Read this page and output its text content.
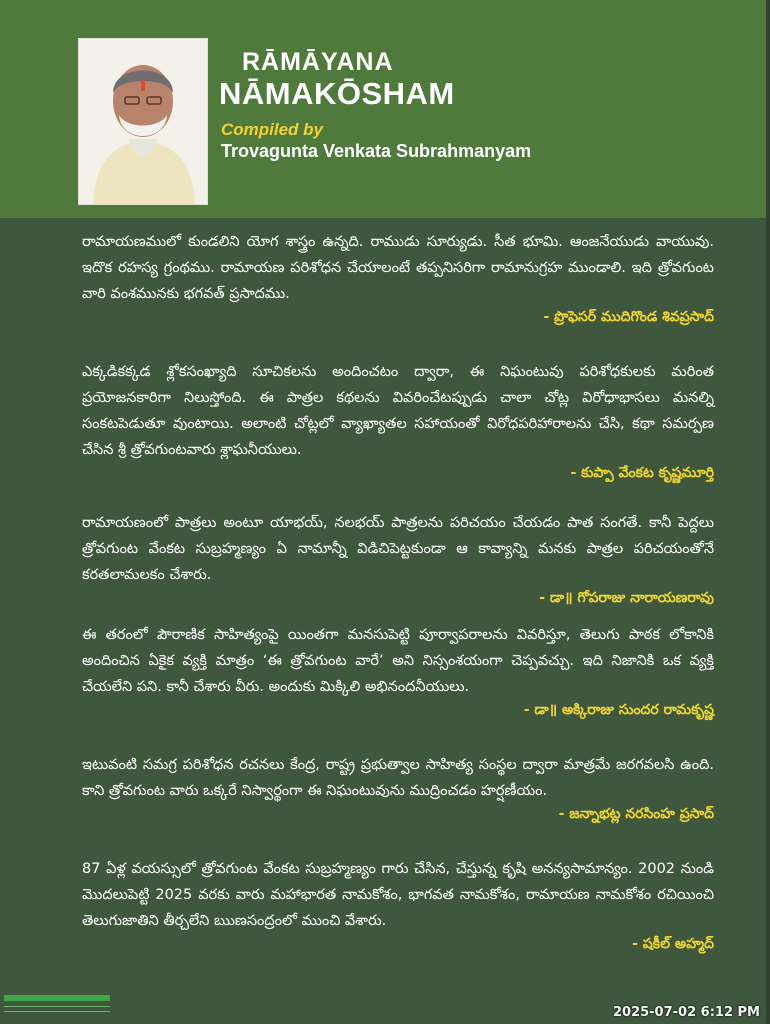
RĀMĀYANA
NĀMAKŌSHAM
Compiled by
Trovagunta Venkata Subrahmanyam

రామాయణములో కుండలిని యోగ శాస్త్రం ఉన్నది. రాముడు సూర్యుడు. సీత భూమి. ఆంజనేయుడు వాయువు. ఇదొక రహస్య గ్రంథము. రామాయణ పరిశోధన చేయాలంటే తప్పనిసరిగా రామానుగ్రహ ముండాలి. ఇది త్రోవగుంట వారి వంశమునకు భగవత్ ప్రసాదము.

- ప్రొఫెసర్ ముదిగొండ శివప్రసాద్

ఎక్కడికక్కడ శ్లోకసంఖ్యాది సూచికలను అందించటం ద్వారా, ఈ నిఘంటువు పరిశోధకులకు మరింత ప్రయోజనకారిగా నిలుస్తోంది. ఈ పాత్రల కథలను వివరించేటప్పుడు చాలా చోట్ల విరోధాభాసలు మనల్ని సంకటపెడుతూ వుంటాయి. అలాంటి చోట్లలో వ్యాఖ్యాతల సహాయంతో విరోధపరిహారాలను చేసి, కథా సమర్పణ చేసిన శ్రీ త్రోవగుంటవారు శ్లాఘనీయులు.

- కుప్పా వేంకట కృష్ణమూర్తి

రామాయణంలో పాత్రలు అంటూ యాభయ్, నలభయ్ పాత్రలను పరిచయం చేయడం పాత సంగతే. కానీ పెద్దలు త్రోవగుంట వేంకట సుబ్రహ్మణ్యం ఏ నామాన్నీ విడిచిపెట్టకుండా ఆ కావ్యాన్ని మనకు పాత్రల పరిచయంతోనే కరతలామలకం చేశారు.

- డా॥ గోపరాజు నారాయణరావు

ఈ తరంలో పౌరాణిక సాహిత్యంపై యింతగా మనసుపెట్టి పూర్వాపరాలను వివరిస్తూ, తెలుగు పాఠక లోకానికి అందించిన ఏకైక వ్యక్తి మాత్రం ‘ఈ త్రోవగుంట వారే’ అని నిస్సంశయంగా చెప్పవచ్చు. ఇది నిజానికి ఒక వ్యక్తి చేయలేని పని. కానీ చేశారు వీరు. అందుకు మిక్కిలి అభినందనీయులు.

- డా॥ అక్కిరాజు సుందర రామకృష్ణ

ఇటువంటి సమగ్ర పరిశోధన రచనలు కేంద్ర, రాష్ట్ర ప్రభుత్వాల సాహిత్య సంస్థల ద్వారా మాత్రమే జరగవలసి ఉంది. కాని త్రోవగుంట వారు ఒక్కరే నిస్వార్థంగా ఈ నిఘంటువును ముద్రించడం హర్షణీయం.

- జన్నాభట్ల నరసింహ ప్రసాద్

87 ఏళ్ల వయస్సులో త్రోవగుంట వేంకట సుబ్రహ్మణ్యం గారు చేసిన, చేస్తున్న కృషి అనన్యసామాన్యం. 2002 నుండి మొదలుపెట్టి 2025 వరకు వారు మహాభారత నామకోశం, భాగవత నామకోశం, రామాయణ నామకోశం రచియించి తెలుగుజాతిని తీర్చలేని ఋణసంద్రంలో ముంచి వేశారు.

- షకీల్ అహ్మద్
2025-07-02 6:12 PM
